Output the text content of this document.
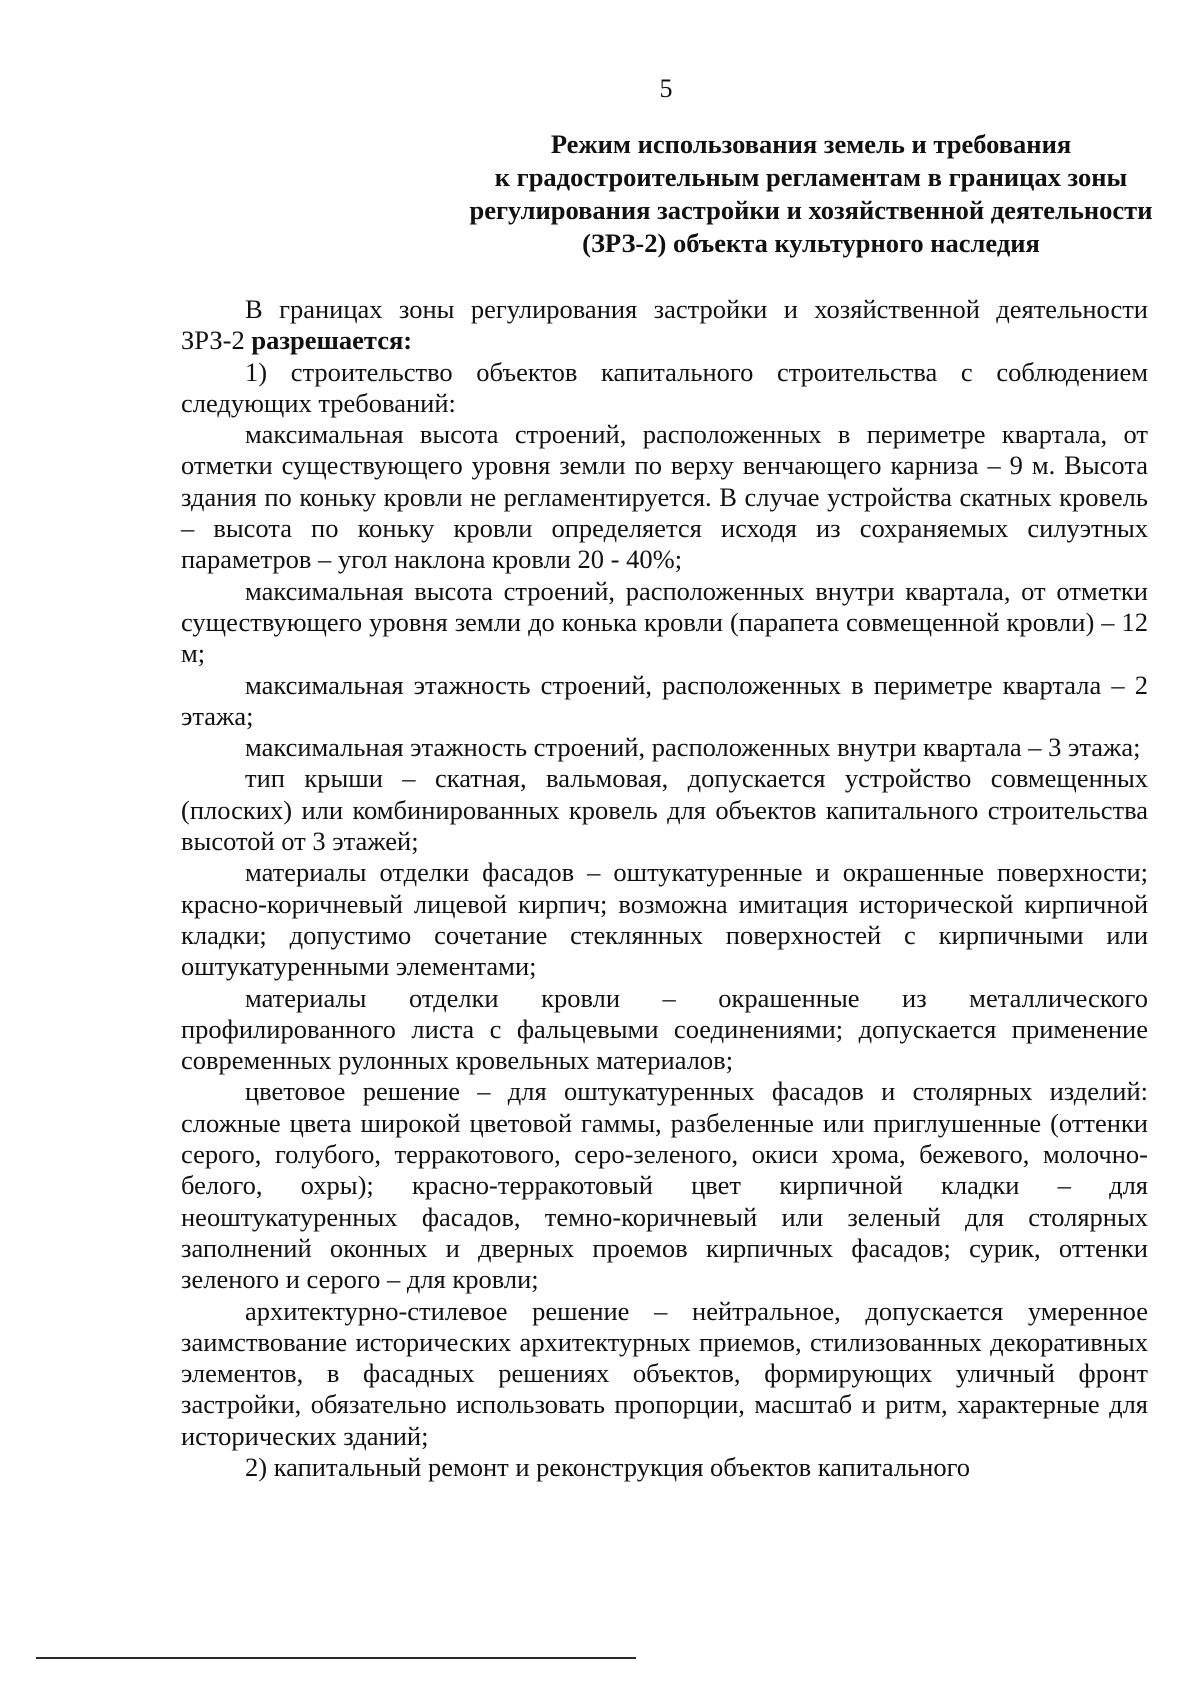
5
Режим использования земель и требования
к градостроительным регламентам в границах зоны
регулирования застройки и хозяйственной деятельности
(ЗРЗ-2) объекта культурного наследия

В границах зоны регулирования застройки и хозяйственной деятельности ЗРЗ-2 разрешается:

1) строительство объектов капитального строительства с соблюдением следующих требований:

максимальная высота строений, расположенных в периметре квартала, от отметки существующего уровня земли по верху венчающего карниза – 9 м. Высота здания по коньку кровли не регламентируется. В случае устройства скатных кровель – высота по коньку кровли определяется исходя из сохраняемых силуэтных параметров – угол наклона кровли 20 - 40%;

максимальная высота строений, расположенных внутри квартала, от отметки существующего уровня земли до конька кровли (парапета совмещенной кровли) – 12 м;

максимальная этажность строений, расположенных в периметре квартала – 2 этажа;

максимальная этажность строений, расположенных внутри квартала – 3 этажа;

тип крыши – скатная, вальмовая, допускается устройство совмещенных (плоских) или комбинированных кровель для объектов капитального строительства высотой от 3 этажей;

материалы отделки фасадов – оштукатуренные и окрашенные поверхности; красно-коричневый лицевой кирпич; возможна имитация исторической кирпичной кладки; допустимо сочетание стеклянных поверхностей с кирпичными или оштукатуренными элементами;

материалы отделки кровли – окрашенные из металлического профилированного листа с фальцевыми соединениями; допускается применение современных рулонных кровельных материалов;

цветовое решение – для оштукатуренных фасадов и столярных изделий: сложные цвета широкой цветовой гаммы, разбеленные или приглушенные (оттенки серого, голубого, терракотового, серо-зеленого, окиси хрома, бежевого, молочно-белого, охры); красно-терракотовый цвет кирпичной кладки – для неоштукатуренных фасадов, темно-коричневый или зеленый для столярных заполнений оконных и дверных проемов кирпичных фасадов; сурик, оттенки зеленого и серого – для кровли;

архитектурно-стилевое решение – нейтральное, допускается умеренное заимствование исторических архитектурных приемов, стилизованных декоративных элементов, в фасадных решениях объектов, формирующих уличный фронт застройки, обязательно использовать пропорции, масштаб и ритм, характерные для исторических зданий;

2) капитальный ремонт и реконструкция объектов капитального
